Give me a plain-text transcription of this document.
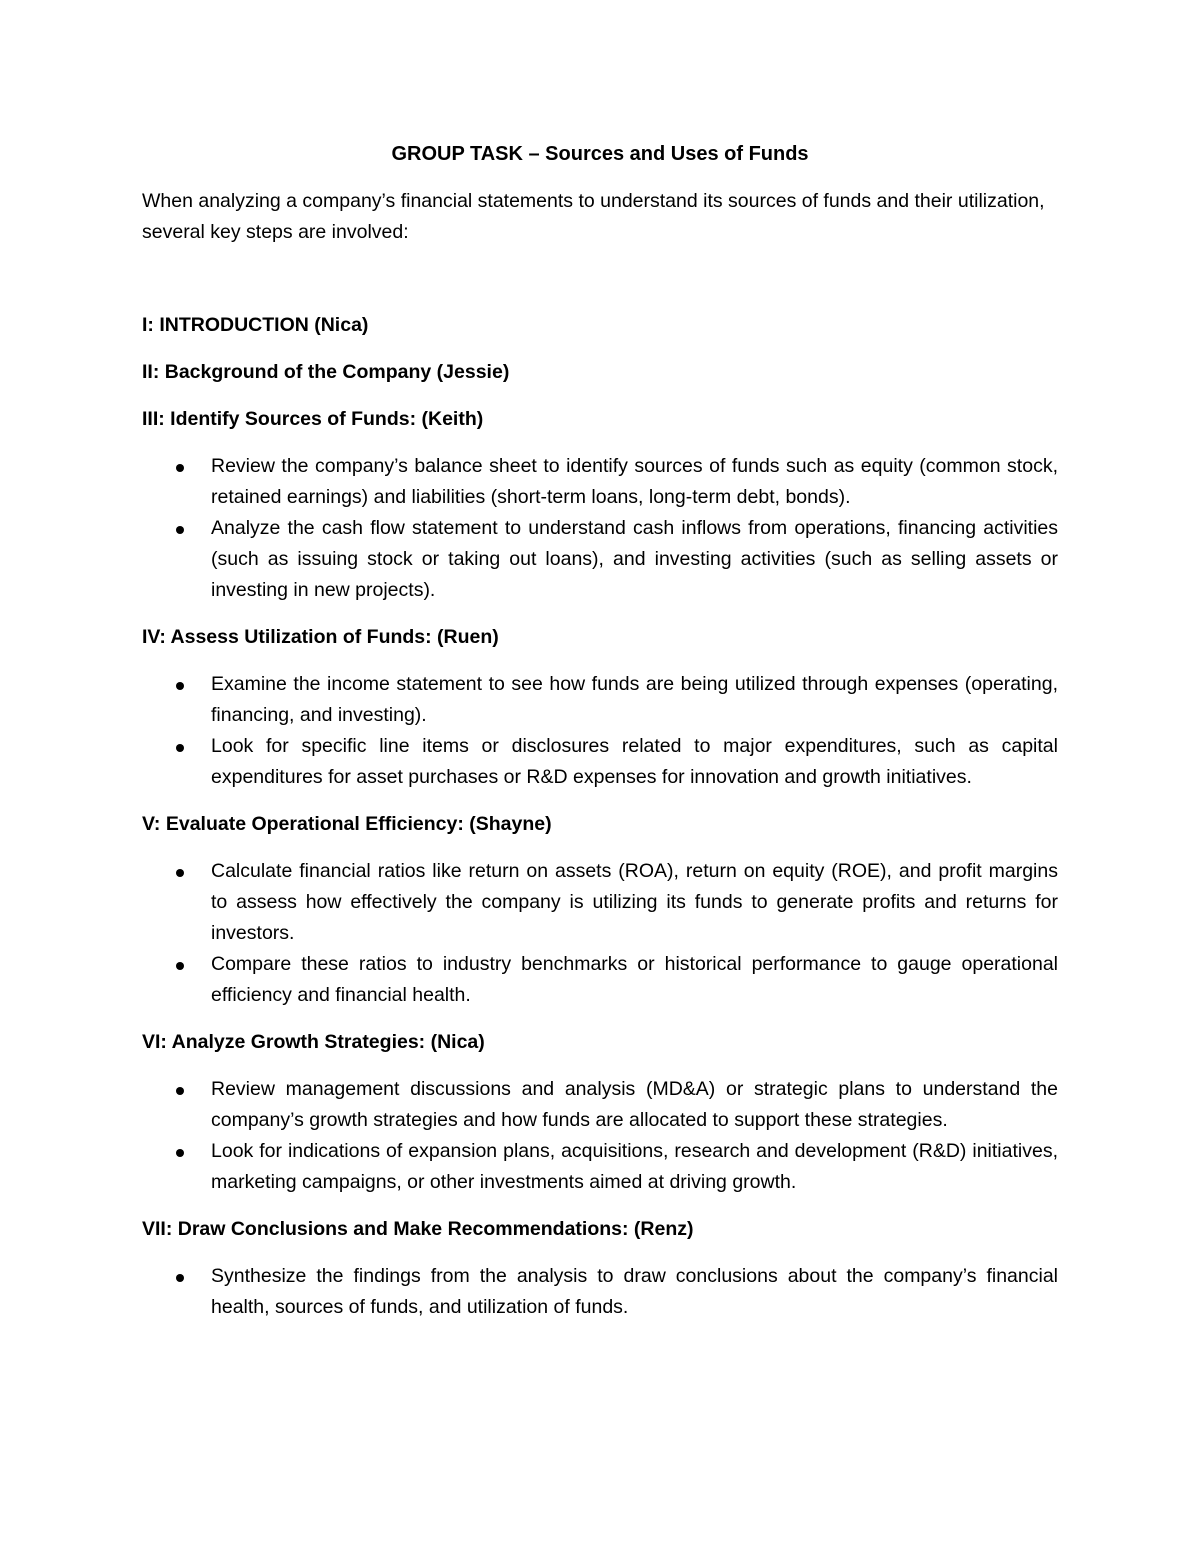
GROUP TASK – Sources and Uses of Funds
When analyzing a company’s financial statements to understand its sources of funds and their utilization, several key steps are involved:
I: INTRODUCTION (Nica)
II: Background of the Company (Jessie)
III: Identify Sources of Funds: (Keith)
Review the company’s balance sheet to identify sources of funds such as equity (common stock, retained earnings) and liabilities (short-term loans, long-term debt, bonds).
Analyze the cash flow statement to understand cash inflows from operations, financing activities (such as issuing stock or taking out loans), and investing activities (such as selling assets or investing in new projects).
IV: Assess Utilization of Funds: (Ruen)
Examine the income statement to see how funds are being utilized through expenses (operating, financing, and investing).
Look for specific line items or disclosures related to major expenditures, such as capital expenditures for asset purchases or R&D expenses for innovation and growth initiatives.
V: Evaluate Operational Efficiency: (Shayne)
Calculate financial ratios like return on assets (ROA), return on equity (ROE), and profit margins to assess how effectively the company is utilizing its funds to generate profits and returns for investors.
Compare these ratios to industry benchmarks or historical performance to gauge operational efficiency and financial health.
VI: Analyze Growth Strategies: (Nica)
Review management discussions and analysis (MD&A) or strategic plans to understand the company’s growth strategies and how funds are allocated to support these strategies.
Look for indications of expansion plans, acquisitions, research and development (R&D) initiatives, marketing campaigns, or other investments aimed at driving growth.
VII: Draw Conclusions and Make Recommendations: (Renz)
Synthesize the findings from the analysis to draw conclusions about the company’s financial health, sources of funds, and utilization of funds.
